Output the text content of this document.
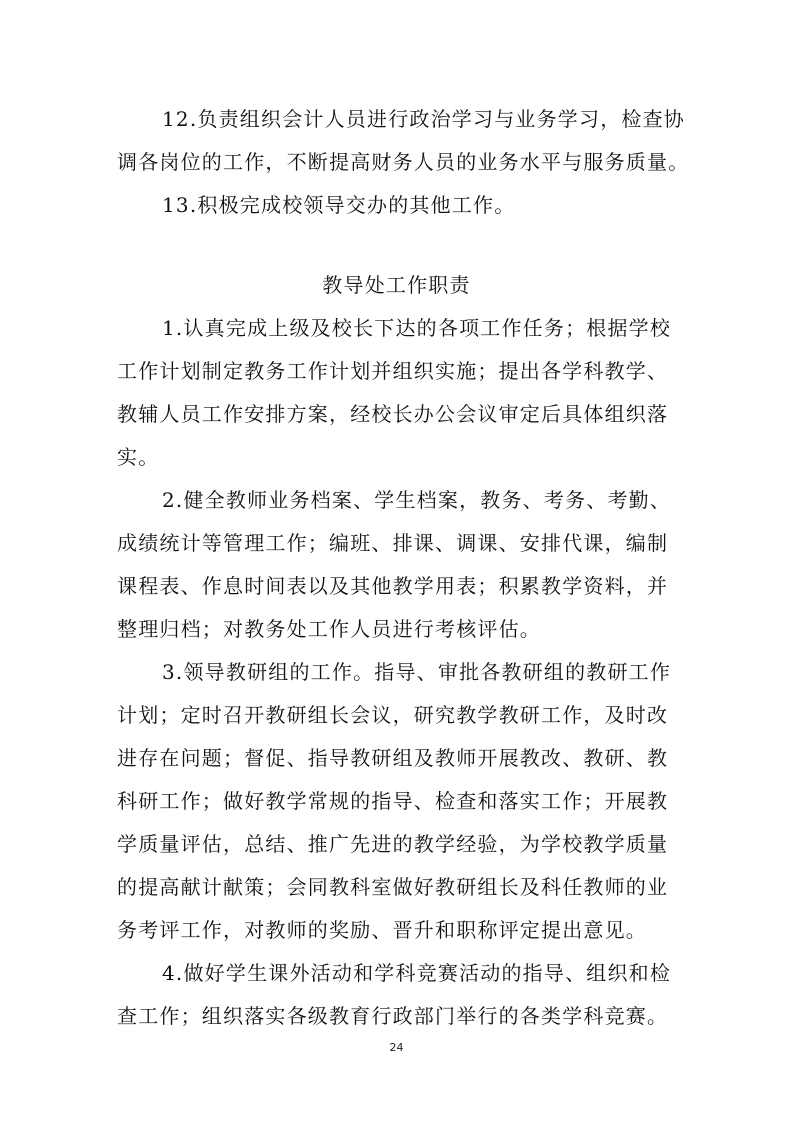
12.负责组织会计人员进行政治学习与业务学习，检查协
调各岗位的工作，不断提高财务人员的业务水平与服务质量。
13.积极完成校领导交办的其他工作。
教导处工作职责
1.认真完成上级及校长下达的各项工作任务；根据学校
工作计划制定教务工作计划并组织实施；提出各学科教学、
教辅人员工作安排方案，经校长办公会议审定后具体组织落
实。
2.健全教师业务档案、学生档案，教务、考务、考勤、
成绩统计等管理工作；编班、排课、调课、安排代课，编制
课程表、作息时间表以及其他教学用表；积累教学资料，并
整理归档；对教务处工作人员进行考核评估。
3.领导教研组的工作。指导、审批各教研组的教研工作
计划；定时召开教研组长会议，研究教学教研工作，及时改
进存在问题；督促、指导教研组及教师开展教改、教研、教
科研工作；做好教学常规的指导、检查和落实工作；开展教
学质量评估，总结、推广先进的教学经验，为学校教学质量
的提高献计献策；会同教科室做好教研组长及科任教师的业
务考评工作，对教师的奖励、晋升和职称评定提出意见。
4.做好学生课外活动和学科竞赛活动的指导、组织和检
查工作；组织落实各级教育行政部门举行的各类学科竞赛。
24
